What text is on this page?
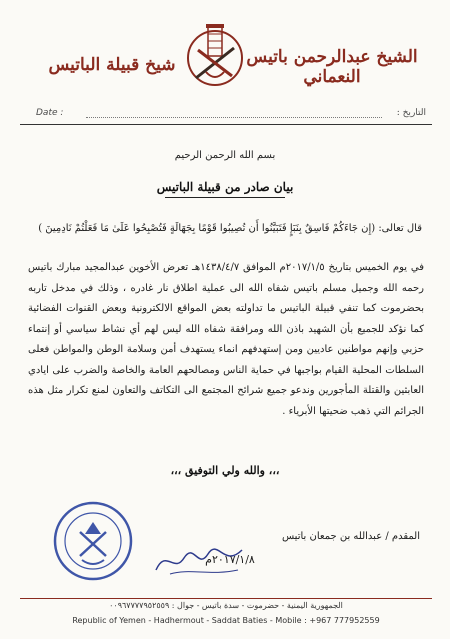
شيخ قبيلة الباتيس	الشيخ عبدالرحمن باتيس النعماني
Date :	التاريخ :
بسم الله الرحمن الرحيم
بيان صادر من قبيلة الباتيس
قال تعالى: (إِن جَاءَكُمْ فَاسِقٌ بِنَبَإٍ فَتَبَيَّنُوا أَن تُصِيبُوا قَوْمًا بِجَهَالَةٍ فَتُصْبِحُوا عَلَىٰ مَا فَعَلْتُمْ نَادِمِينَ )
في يوم الخميس بتاريخ ٢٠١٧/١/٥م الموافق ١٤٣٨/٤/٧هـ تعرض الأخوين عبدالمجيد مبارك باتيس رحمه الله وجميل مسلم باتيس شفاه الله الى عملية اطلاق نار غادره ، وذلك في مدخل تاربه بحضرموت كما تنفي قبيلة الباتيس ما تداولته بعض المواقع الالكترونية وبعض القنوات الفضائية كما نؤكد للجميع بأن الشهيد باذن الله ومرافقة شفاه الله ليس لهم أي نشاط سياسي أو إنتماء حزبي وإنهم مواطنين عاديين ومن إستهدفهم انماء يستهدف أمن وسلامة الوطن والمواطن فعلى السلطات المحلية القيام بواجبها في حماية الناس ومصالحهم العامة والخاصة والضرب على ايادي العابثين والقتلة المأجورين وندعو جميع شرائح المجتمع الى التكاتف والتعاون لمنع تكرار مثل هذه الجرائم التي ذهب ضحيتها الأبرياء .
،،، والله ولي التوفيق ،،،
المقدم / عبدالله بن جمعان باتيس
٢٠١٧/١/٨م
الجمهورية اليمنية - حضرموت - سدة باتيس - جوال : ٠٠٩٦٧٧٧٧٩٥٢٥٥٩
Republic of Yemen - Hadhermout - Saddat Baties - Mobile : +967 777952559
